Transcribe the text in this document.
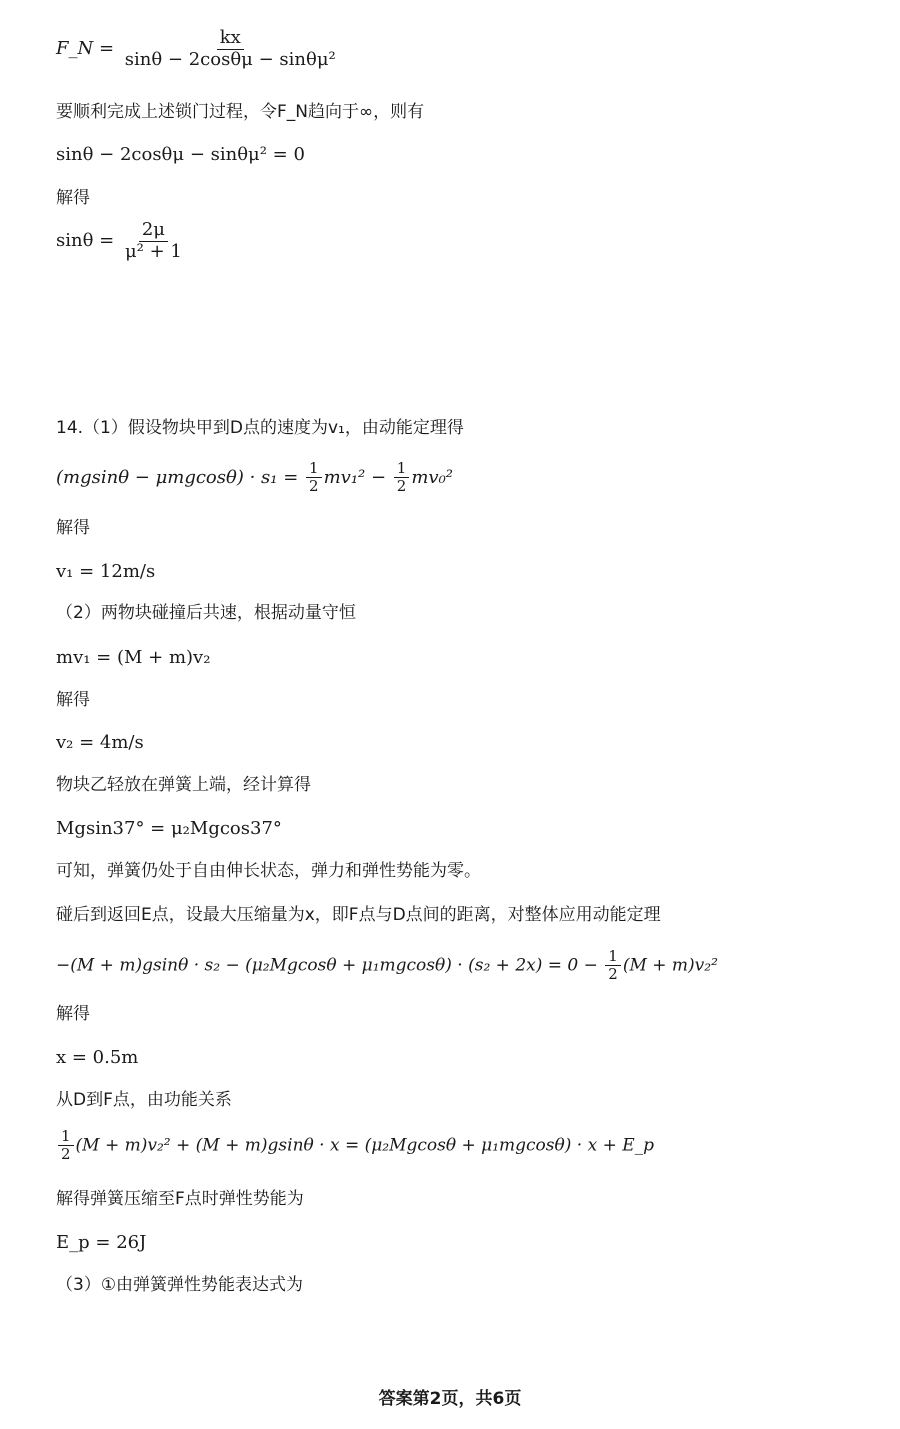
F_N = $\frac{kx}{\text{sinθ − 2cosθμ − sinθμ²}}$
要顺利完成上述锁门过程，令F_N趋向于∞，则有
sinθ − 2cosθμ − sinθμ² = 0
解得
$\sin\theta = \frac{2\mu}{\text{μ² + 1}}$
14.（1）假设物块甲到D点的速度为v₁，由动能定理得
$(mgsin\theta - \mu mgcos\theta) \cdot s_1 = \frac{1}{2} mv_1^2 - \frac{1}{2} mv_0^2$
解得
v₁ = 12m/s
（2）两物块碰撞后共速，根据动量守恒
mv₁ = (M + m)v₂
解得
v₂ = 4m/s
物块乙轻放在弹簧上端，经计算得
Mgsin37° = μ₂Mgcos37°
可知，弹簧仍处于自由伸长状态，弹力和弹性势能为零。
碰后到返回E点，设最大压缩量为x，即F点与D点间的距离，对整体应用动能定理
$-(M + m)gsin\theta \cdot s_2 - (\mu_2Mgcos\theta + \mu_1mgcos\theta) \cdot (s_2 + 2x) = 0 - \frac{1}{2} (M + m)v_2^2$
解得
x = 0.5m
从D到F点，由功能关系
$\frac{1}{2} (M + m)v_2^2 + (M + m)gsin\theta \cdot x = (\mu_2Mgcos\theta + \mu_1mgcos\theta) \cdot x$ + E_p
解得弹簧压缩至F点时弹性势能为
E_p = 26J
（3）①由弹簧弹性势能表达式为
答案第2页，共6页
